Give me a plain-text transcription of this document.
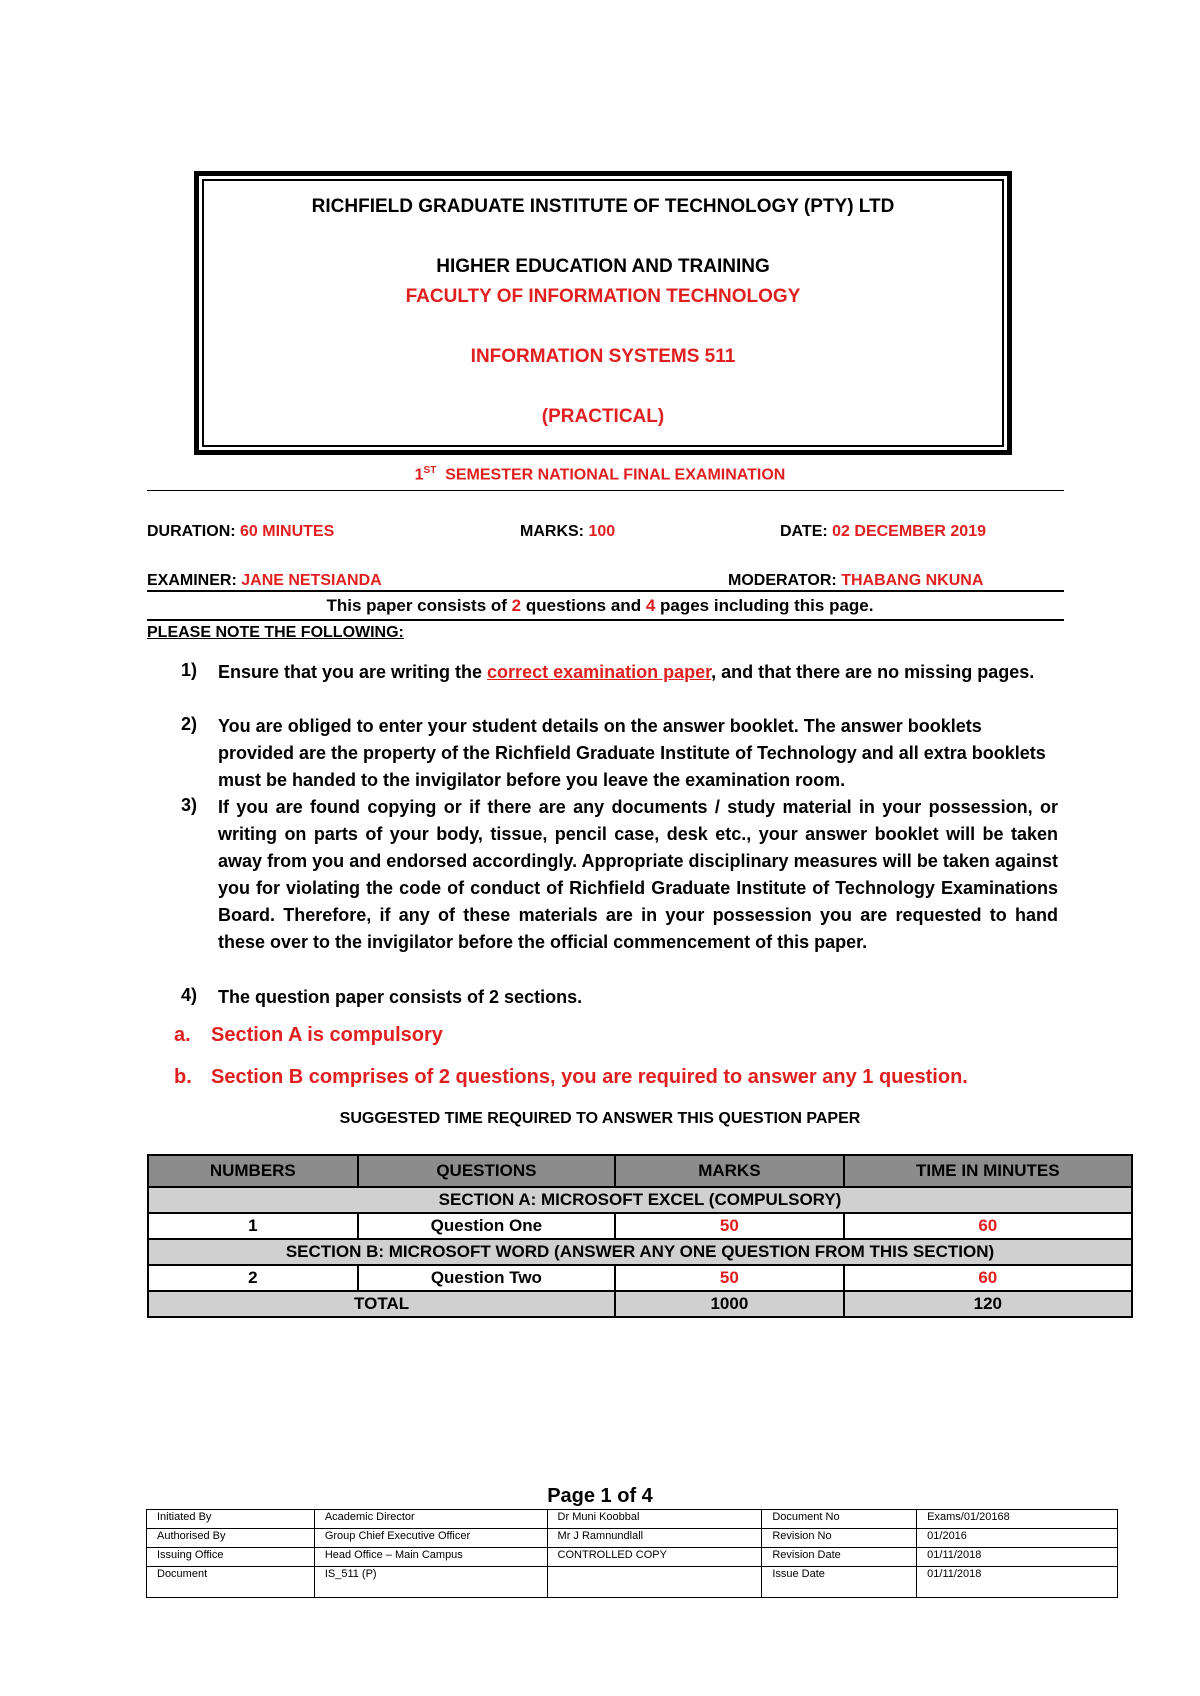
RICHFIELD GRADUATE INSTITUTE OF TECHNOLOGY (PTY) LTD
HIGHER EDUCATION AND TRAINING
FACULTY OF INFORMATION TECHNOLOGY
INFORMATION SYSTEMS 511
(PRACTICAL)
1ST SEMESTER NATIONAL FINAL EXAMINATION
DURATION: 60 MINUTES	MARKS: 100	DATE: 02 DECEMBER 2019
EXAMINER: JANE NETSIANDA	MODERATOR: THABANG NKUNA
This paper consists of 2 questions and 4 pages including this page.
PLEASE NOTE THE FOLLOWING:
1) Ensure that you are writing the correct examination paper, and that there are no missing pages.
2) You are obliged to enter your student details on the answer booklet. The answer booklets provided are the property of the Richfield Graduate Institute of Technology and all extra booklets must be handed to the invigilator before you leave the examination room.
3) If you are found copying or if there are any documents / study material in your possession, or writing on parts of your body, tissue, pencil case, desk etc., your answer booklet will be taken away from you and endorsed accordingly. Appropriate disciplinary measures will be taken against you for violating the code of conduct of Richfield Graduate Institute of Technology Examinations Board. Therefore, if any of these materials are in your possession you are requested to hand these over to the invigilator before the official commencement of this paper.
4) The question paper consists of 2 sections.
a. Section A is compulsory
b. Section B comprises of 2 questions, you are required to answer any 1 question.
SUGGESTED TIME REQUIRED TO ANSWER THIS QUESTION PAPER
NUMBERS	QUESTIONS	MARKS	TIME IN MINUTES
SECTION A: MICROSOFT EXCEL (COMPULSORY)			
1	Question One	50	60
SECTION B: MICROSOFT WORD (ANSWER ANY ONE QUESTION FROM THIS SECTION)			
2	Question Two	50	60
TOTAL		1000	120
Page 1 of 4
Initiated By	Academic Director	Dr Muni Koobbal	Document No	Exams/01/20168
Authorised By	Group Chief Executive Officer	Mr J Ramnundlall	Revision No	01/2016
Issuing Office	Head Office – Main Campus	CONTROLLED COPY	Revision Date	01/11/2018
Document	IS_511 (P)		Issue Date	01/11/2018
